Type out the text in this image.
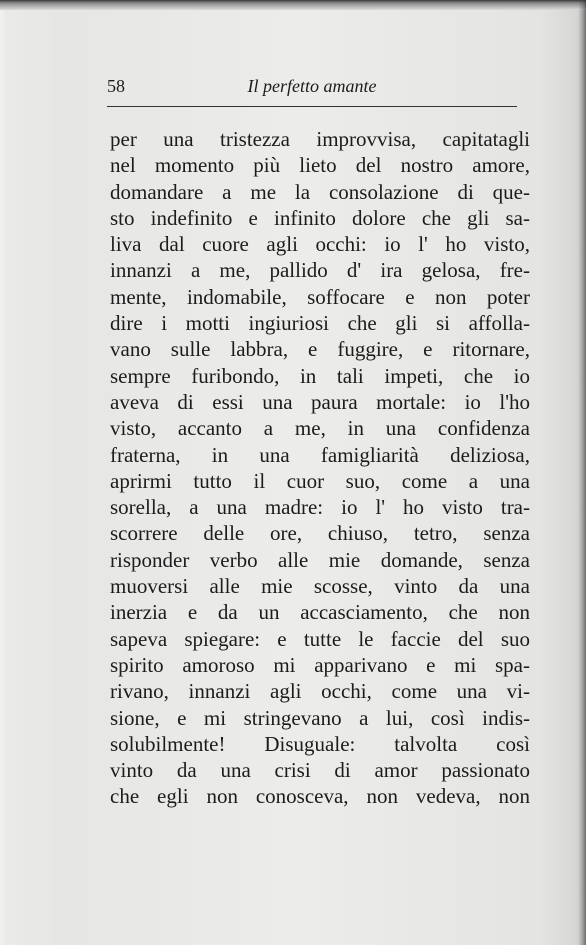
58	Il perfetto amante
per una tristezza improvvisa, capitatagli
nel momento più lieto del nostro amore,
domandare a me la consolazione di que-
sto indefinito e infinito dolore che gli sa-
liva dal cuore agli occhi: io l' ho visto,
innanzi a me, pallido d' ira gelosa, fre-
mente, indomabile, soffocare e non poter
dire i motti ingiuriosi che gli si affolla-
vano sulle labbra, e fuggire, e ritornare,
sempre furibondo, in tali impeti, che io
aveva di essi una paura mortale: io l'ho
visto, accanto a me, in una confidenza
fraterna, in una famigliarità deliziosa,
aprirmi tutto il cuor suo, come a una
sorella, a una madre: io l' ho visto tra-
scorrere delle ore, chiuso, tetro, senza
risponder verbo alle mie domande, senza
muoversi alle mie scosse, vinto da una
inerzia e da un accasciamento, che non
sapeva spiegare: e tutte le faccie del suo
spirito amoroso mi apparivano e mi spa-
rivano, innanzi agli occhi, come una vi-
sione, e mi stringevano a lui, così indis-
solubilmente! Disuguale: talvolta così
vinto da una crisi di amor passionato
che egli non conosceva, non vedeva, non
